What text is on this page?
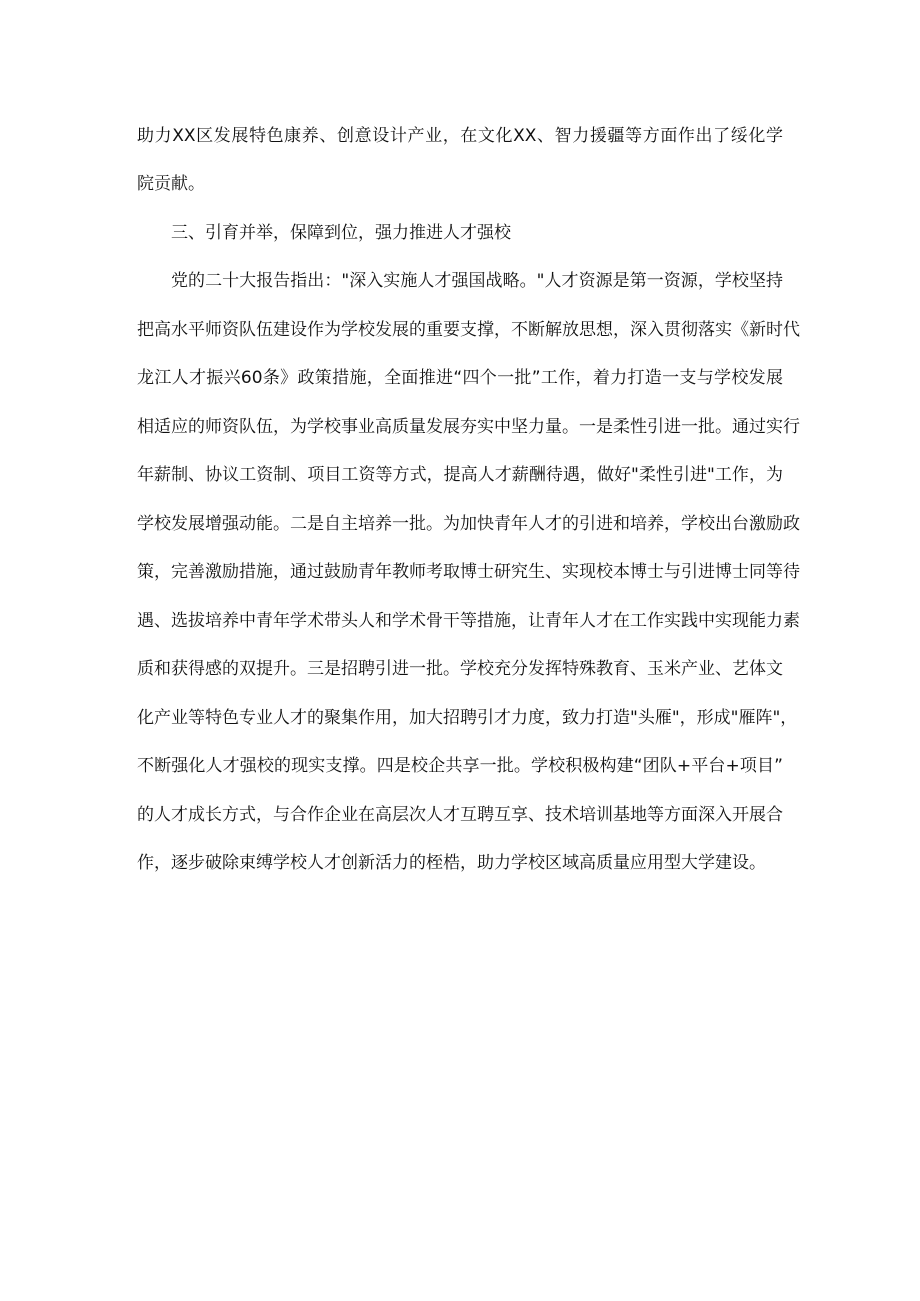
助力XX区发展特色康养、创意设计产业，在文化XX、智力援疆等方面作出了绥化学
院贡献。
三、引育并举，保障到位，强力推进人才强校
党的二十大报告指出："深入实施人才强国战略。"人才资源是第一资源，学校坚持
把高水平师资队伍建设作为学校发展的重要支撑，不断解放思想，深入贯彻落实《新时代
龙江人才振兴60条》政策措施，全面推进“四个一批”工作，着力打造一支与学校发展
相适应的师资队伍，为学校事业高质量发展夯实中坚力量。一是柔性引进一批。通过实行
年薪制、协议工资制、项目工资等方式，提高人才薪酬待遇，做好"柔性引进"工作，为
学校发展增强动能。二是自主培养一批。为加快青年人才的引进和培养，学校出台激励政
策，完善激励措施，通过鼓励青年教师考取博士研究生、实现校本博士与引进博士同等待
遇、选拔培养中青年学术带头人和学术骨干等措施，让青年人才在工作实践中实现能力素
质和获得感的双提升。三是招聘引进一批。学校充分发挥特殊教育、玉米产业、艺体文
化产业等特色专业人才的聚集作用，加大招聘引才力度，致力打造"头雁"，形成"雁阵"，
不断强化人才强校的现实支撑。四是校企共享一批。学校积极构建“团队+平台+项目”
的人才成长方式，与合作企业在高层次人才互聘互享、技术培训基地等方面深入开展合
作，逐步破除束缚学校人才创新活力的桎梏，助力学校区域高质量应用型大学建设。
